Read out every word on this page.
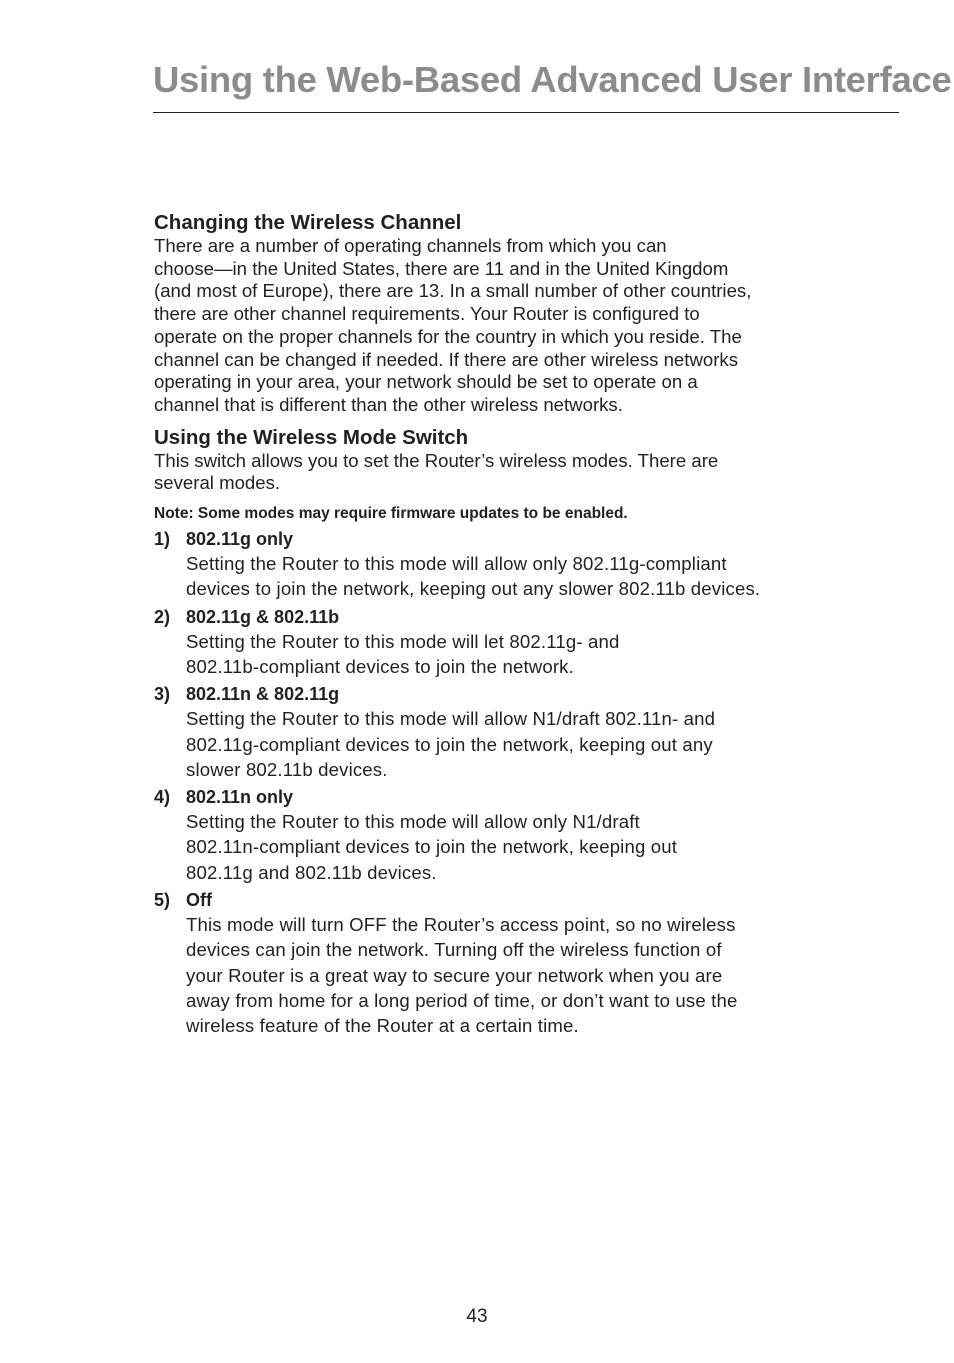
Using the Web-Based Advanced User Interface
Changing the Wireless Channel

There are a number of operating channels from which you can
choose—in the United States, there are 11 and in the United Kingdom
(and most of Europe), there are 13. In a small number of other countries,
there are other channel requirements. Your Router is configured to
operate on the proper channels for the country in which you reside. The
channel can be changed if needed. If there are other wireless networks
operating in your area, your network should be set to operate on a
channel that is different than the other wireless networks.

Using the Wireless Mode Switch

This switch allows you to set the Router’s wireless modes. There are
several modes.

Note: Some modes may require firmware updates to be enabled.

1) 802.11g only

Setting the Router to this mode will allow only 802.11g-compliant
devices to join the network, keeping out any slower 802.11b devices.

2) 802.11g & 802.11b

Setting the Router to this mode will let 802.11g- and
802.11b-compliant devices to join the network.

3) 802.11n & 802.11g

Setting the Router to this mode will allow N1/draft 802.11n- and
802.11g-compliant devices to join the network, keeping out any
slower 802.11b devices.

4) 802.11n only

Setting the Router to this mode will allow only N1/draft
802.11n-compliant devices to join the network, keeping out
802.11g and 802.11b devices.

5) Off

This mode will turn OFF the Router’s access point, so no wireless
devices can join the network. Turning off the wireless function of
your Router is a great way to secure your network when you are
away from home for a long period of time, or don’t want to use the
wireless feature of the Router at a certain time.

43
